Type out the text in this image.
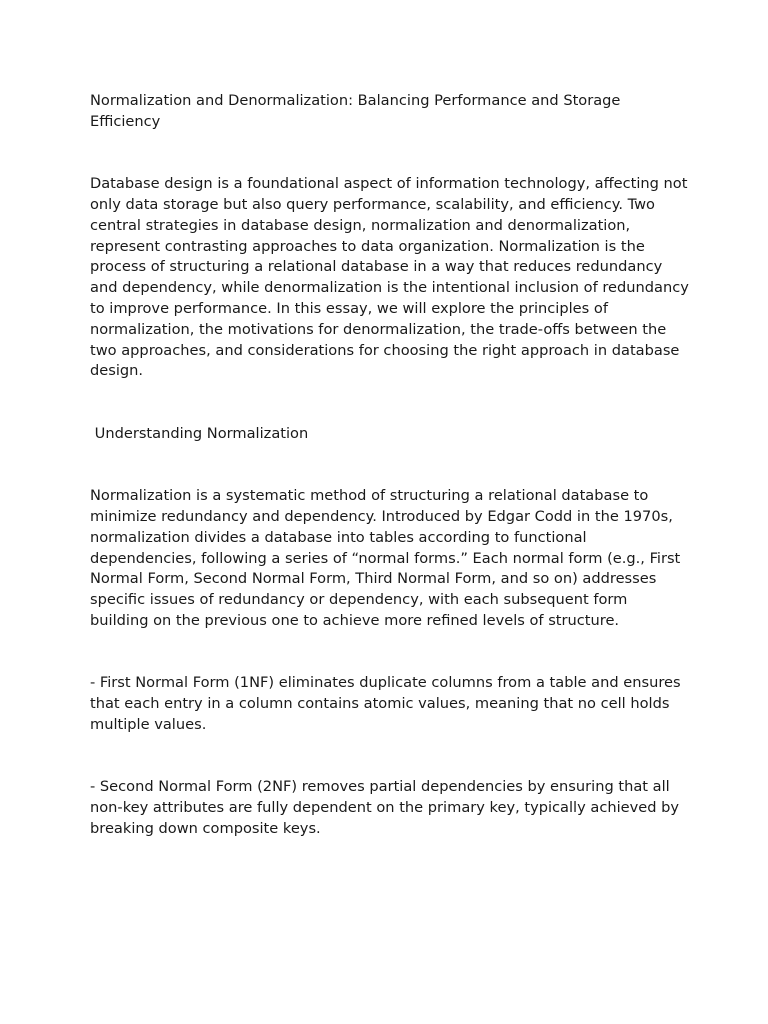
Normalization and Denormalization: Balancing Performance and Storage Efficiency

Database design is a foundational aspect of information technology, affecting not only data storage but also query performance, scalability, and efficiency. Two central strategies in database design, normalization and denormalization, represent contrasting approaches to data organization. Normalization is the process of structuring a relational database in a way that reduces redundancy and dependency, while denormalization is the intentional inclusion of redundancy to improve performance. In this essay, we will explore the principles of normalization, the motivations for denormalization, the trade-offs between the two approaches, and considerations for choosing the right approach in database design.

Understanding Normalization

Normalization is a systematic method of structuring a relational database to minimize redundancy and dependency. Introduced by Edgar Codd in the 1970s, normalization divides a database into tables according to functional dependencies, following a series of “normal forms.” Each normal form (e.g., First Normal Form, Second Normal Form, Third Normal Form, and so on) addresses specific issues of redundancy or dependency, with each subsequent form building on the previous one to achieve more refined levels of structure.

- First Normal Form (1NF) eliminates duplicate columns from a table and ensures that each entry in a column contains atomic values, meaning that no cell holds multiple values.

- Second Normal Form (2NF) removes partial dependencies by ensuring that all non-key attributes are fully dependent on the primary key, typically achieved by breaking down composite keys.
